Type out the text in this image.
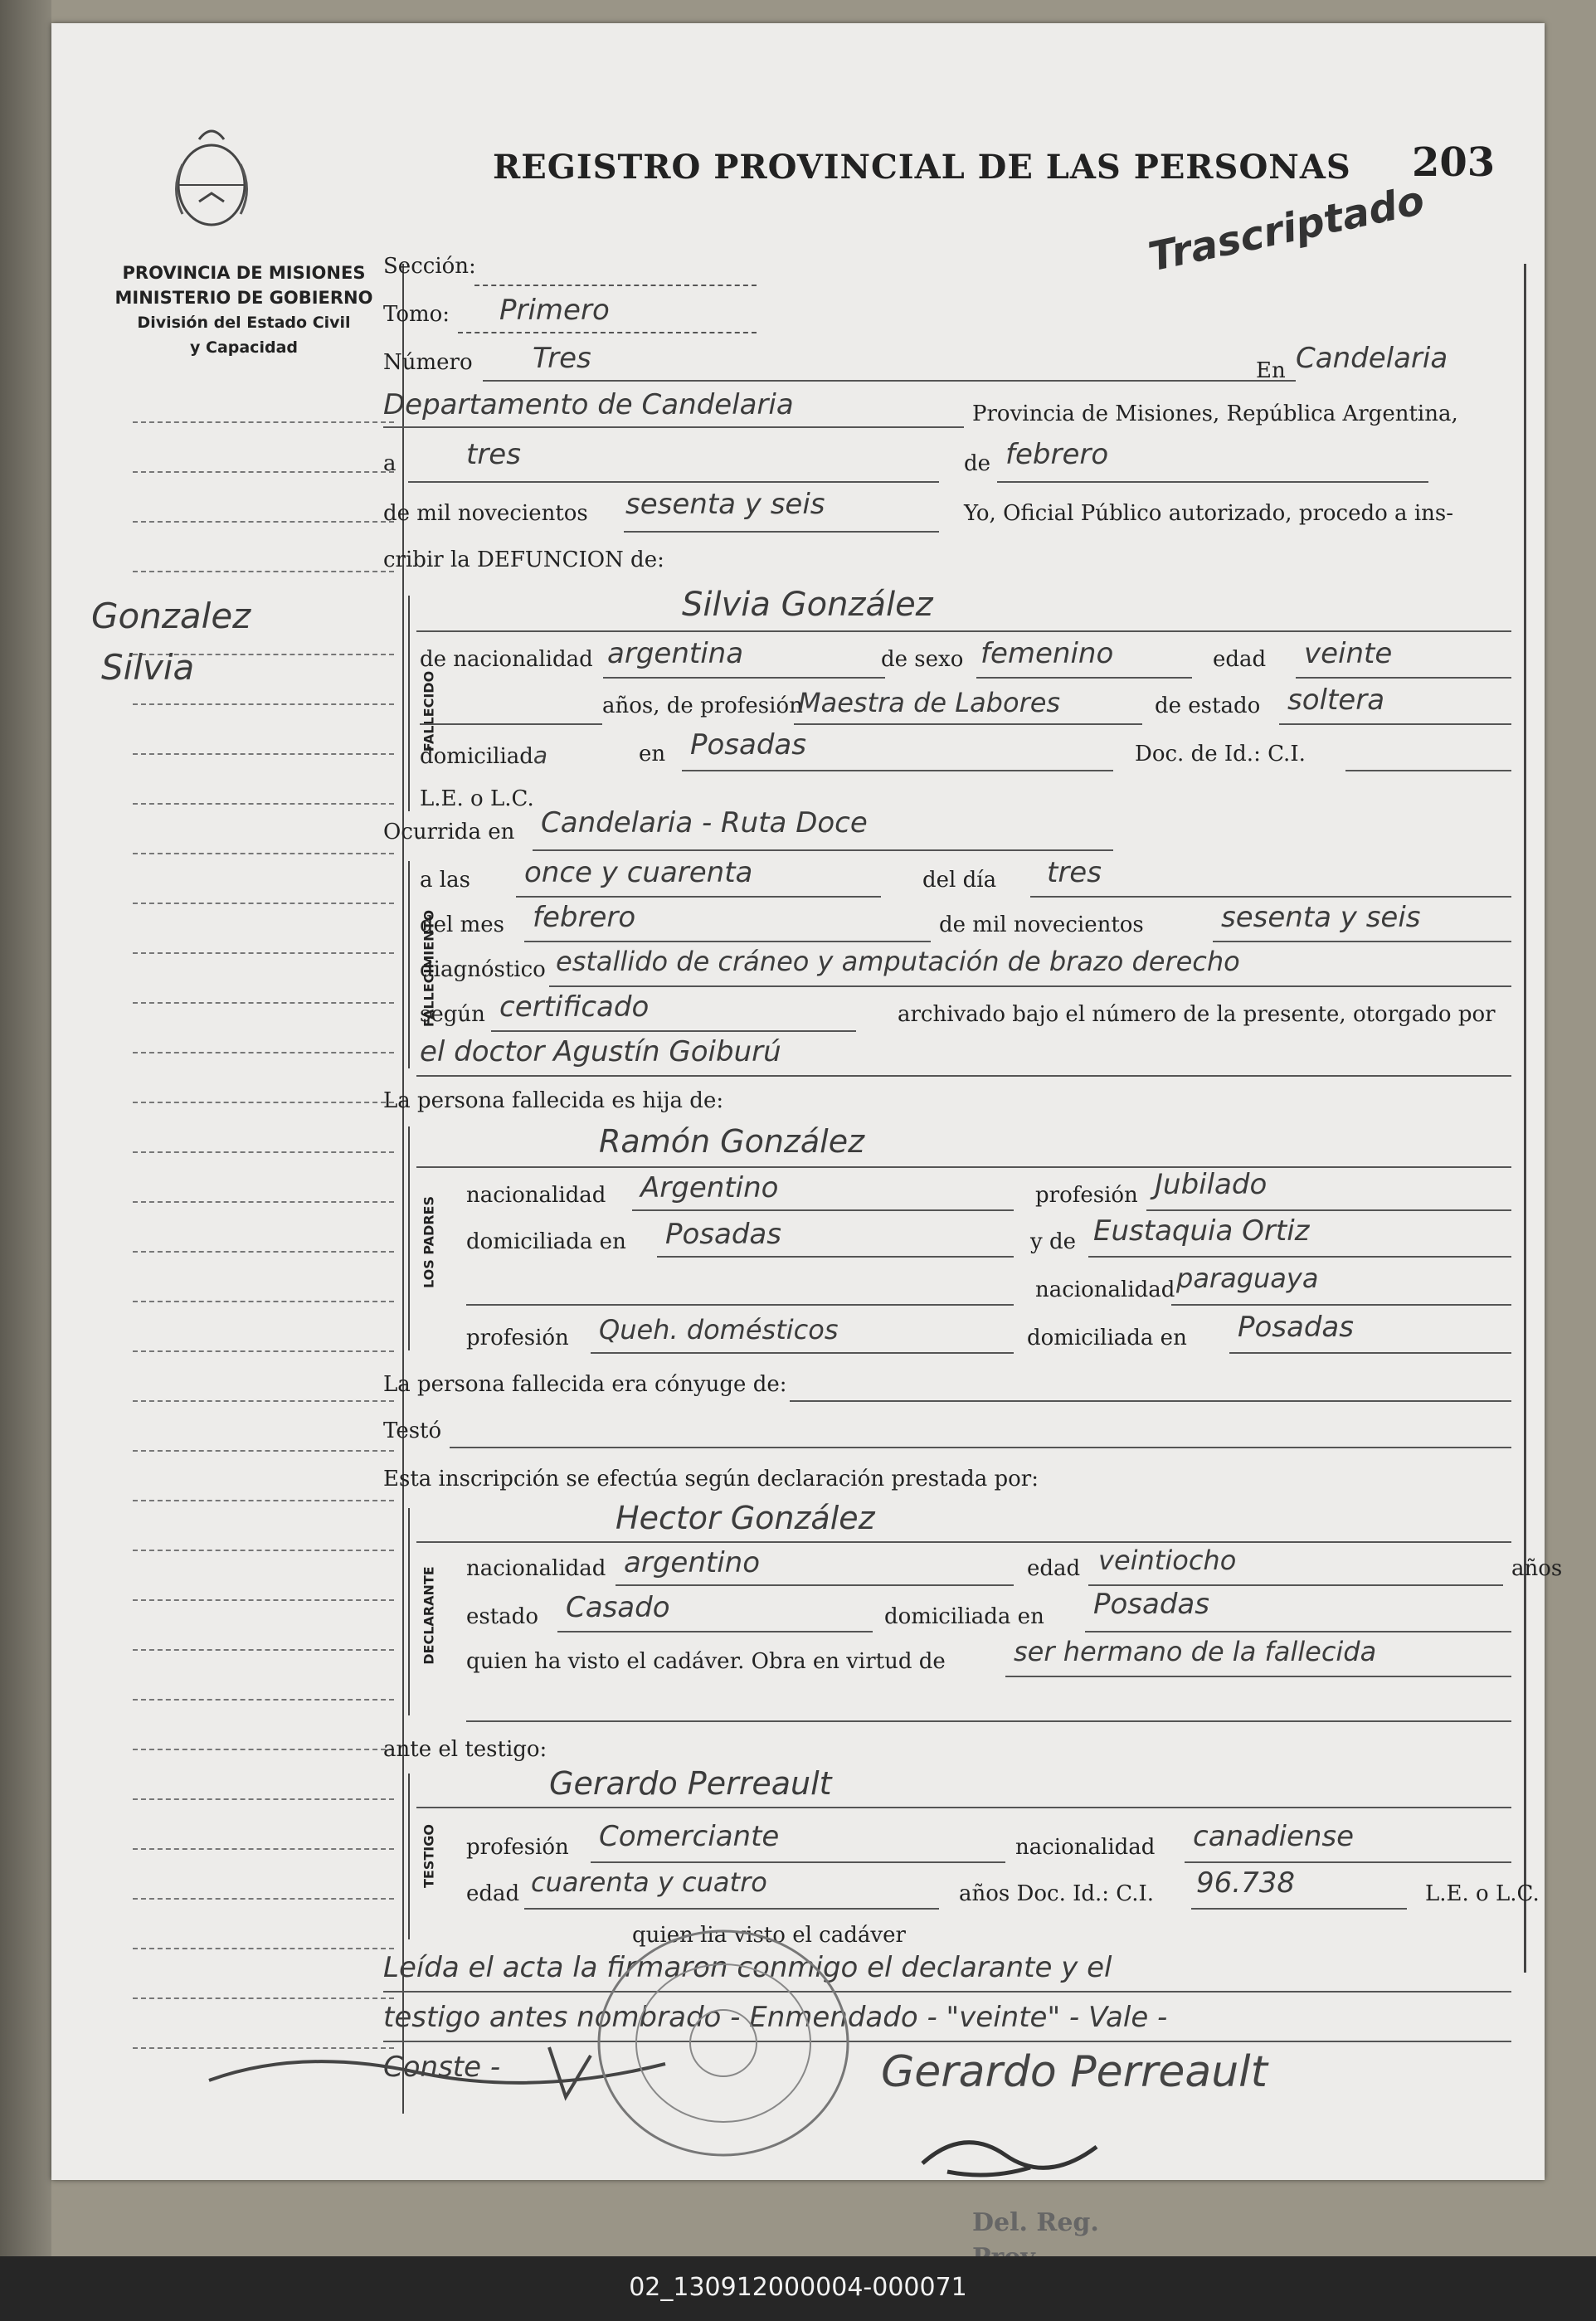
PROVINCIA DE MISIONES
MINISTERIO DE GOBIERNO
División del Estado Civil
y Capacidad
Gonzalez
Silvia
REGISTRO PROVINCIAL DE LAS PERSONAS 203
Trascriptado
Sección:
Tomo: Primero
Número Tres	En Candelaria
Departamento de Candelaria	Provincia de Misiones, República Argentina,
a tres	de febrero
de mil novecientos sesenta y seis	Yo, Oficial Público autorizado, procedo a ins-
cribir la DEFUNCION de:
FALLECIDO
Silvia González
de nacionalidad argentina	de sexo femenino	edad veinte
años, de profesión
Maestra de Labores	de estado soltera
domiciliada	en Posadas	Doc. de Id.: C.I.
L.E. o L.C.
Ocurrida en Candelaria - Ruta Doce
FALLECIMIENTO
a las once y cuarenta	del día tres
del mes febrero	de mil novecientos	sesenta y seis
diagnóstico estallido de cráneo y amputación de brazo derecho
según certificado	archivado bajo el número de la presente, otorgado por
el doctor Agustín Goiburú
La persona fallecida es hija de:
LOS PADRES
Ramón González
nacionalidad Argentino	profesión Jubilado
domiciliada en Posadas	y de Eustaquia Ortiz
nacionalidad paraguaya
profesión Queh. domésticos	domiciliada en Posadas
La persona fallecida era cónyuge de:
Testó
Esta inscripción se efectúa según declaración prestada por:
DECLARANTE
Hector González
nacionalidad argentino	edad veintiocho	años
estado Casado	domiciliada en Posadas
quien ha visto el cadáver. Obra en virtud de	ser hermano de la fallecida
ante el testigo:
TESTIGO
Gerardo Perreault
profesión Comerciante	nacionalidad canadiense
edad cuarenta y cuatro	años Doc. Id.: C.I. 96.738	L.E. o L.C.
quien lia visto el cadáver
Leída el acta la firmaron conmigo el declarante y el
testigo antes nombrado - Enmendado - "veinte" - Vale -
Conste -	Gerardo Perreault
Del. Reg.
02_130912000004-000071
